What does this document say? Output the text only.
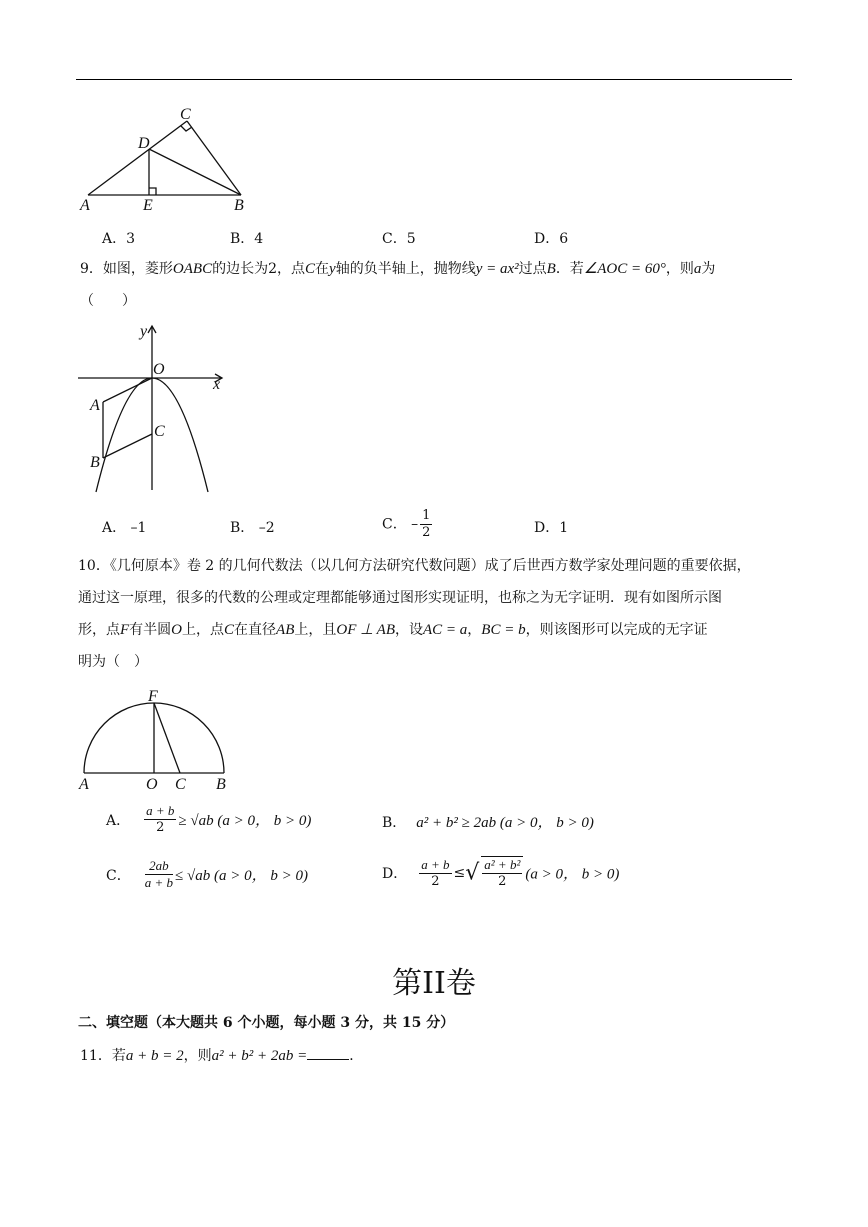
A	E	B
D
C
A．3	B．4	C．5	D．6
9．如图，菱形OABC的边长为2，点C在y轴的负半轴上，抛物线y = ax²过点B．若∠AOC = 60°，则a为
（　　）
y
x
O
A
C
B
A． –1	B． –2	C． – $\frac{1}{2}$	D．1
10．《几何原本》卷 2 的几何代数法（以几何方法研究代数问题）成了后世西方数学家处理问题的重要依据，
通过这一原理，很多的代数的公理或定理都能够通过图形实现证明，也称之为无字证明．现有如图所示图
形，点F有半圆O上，点C在直径AB上，且OF ⊥ AB，设AC = a，BC = b，则该图形可以完成的无字证
明为（　）
F
A	O C B
A． $\frac{a + b}{2} \ge √ab$ (a > 0， b > 0)	B． a² + b² ≥ 2ab (a > 0， b > 0)
C． $\frac{2ab}{a + b} \le √ab$ (a > 0， b > 0)	D． $\frac{a + b}{2}$ ≤√ $\frac{\text{a² + b²}}{2} (a > 0$， b > 0)
第II卷
二、填空题（本大题共 6 个小题，每小题 3 分，共 15 分）
11．若a + b = 2，则a² + b² + 2ab =	．
